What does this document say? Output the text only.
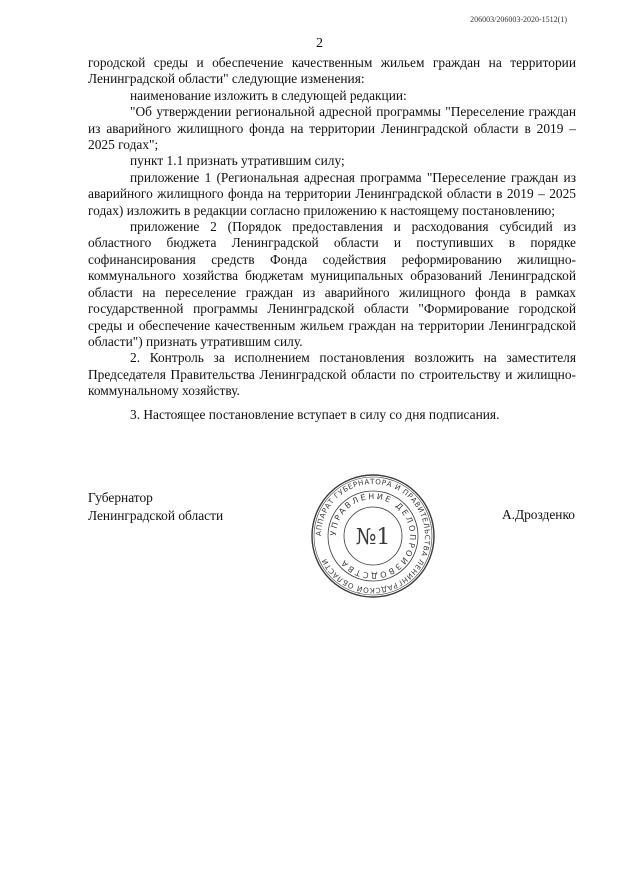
206003/206003-2020-1512(1)
2

городской среды и обеспечение качественным жильем граждан на территории Ленинградской области" следующие изменения:

наименование изложить в следующей редакции:

"Об утверждении региональной адресной программы "Переселение граждан из аварийного жилищного фонда на территории Ленинградской области в 2019 – 2025 годах";

пункт 1.1 признать утратившим силу;

приложение 1 (Региональная адресная программа "Переселение граждан из аварийного жилищного фонда на территории Ленинградской области в 2019 – 2025 годах) изложить в редакции согласно приложению к настоящему постановлению;

приложение 2 (Порядок предоставления и расходования субсидий из областного бюджета Ленинградской области и поступивших в порядке софинансирования средств Фонда содействия реформированию жилищно-коммунального хозяйства бюджетам муниципальных образований Ленинградской области на переселение граждан из аварийного жилищного фонда в рамках государственной программы Ленинградской области "Формирование городской среды и обеспечение качественным жильем граждан на территории Ленинградской области") признать утратившим силу.

2. Контроль за исполнением постановления возложить на заместителя Председателя Правительства Ленинградской области по строительству и жилищно-коммунальному хозяйству.

3. Настоящее постановление вступает в силу со дня подписания.

Губернатор
Ленинградской области	А.Дрозденко
АППАРАТ ГУБЕРНАТОРА И ПРАВИТЕЛЬСТВА ЛЕНИНГРАДСКОЙ ОБЛАСТИ
УПРАВЛЕНИЕ ДЕЛОПРОИЗВОДСТВА
№1
